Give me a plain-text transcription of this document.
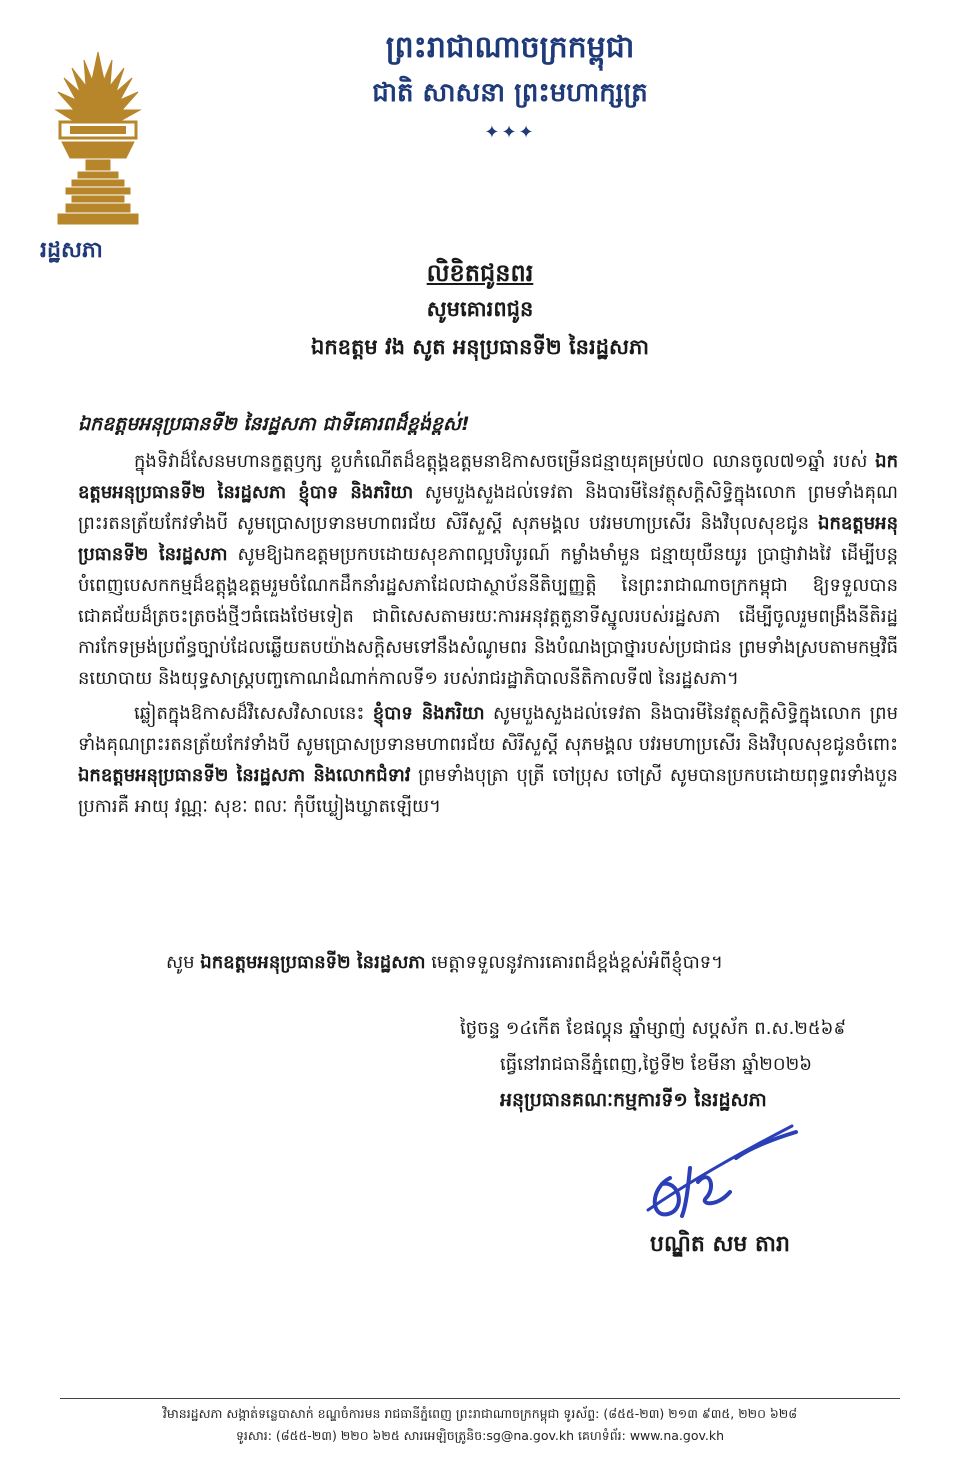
រដ្ឋសភា
ព្រះរាជាណាចក្រកម្ពុជា
ជាតិ សាសនា ព្រះមហាក្សត្រ
✦✦✦
លិខិតជូនពរ
សូមគោរពជូន
ឯកឧត្តម វង សូត អនុប្រធានទី២ នៃរដ្ឋសភា
ឯកឧត្តមអនុប្រធានទី២ នៃរដ្ឋសភា ជាទីគោរពដ៏ខ្ពង់ខ្ពស់!

ក្នុងទិវាដ៏សែនមហានក្ខត្តឫក្ស ខួបកំណើតដ៏ឧត្តុង្គឧត្តមនាឱកាសចម្រើនជន្មាយុគម្រប់៧០ ឈានចូល៧១ឆ្នាំ របស់ ឯកឧត្តមអនុប្រធានទី២ នៃរដ្ឋសភា ខ្ញុំបាទ និងភរិយា សូមបួងសួងដល់ទេវតា និងបារមីនៃវត្ថុសក្តិសិទ្ធិក្នុងលោក ព្រមទាំងគុណព្រះរតនត្រ័យកែវទាំងបី សូមប្រោសប្រទានមហាពរជ័យ សិរីសួស្តី សុភមង្គល បវរមហាប្រសើរ និងវិបុលសុខជូន ឯកឧត្តមអនុប្រធានទី២ នៃរដ្ឋសភា សូមឱ្យឯកឧត្តមប្រកបដោយសុខភាពល្អបរិបូរណ៍ កម្លាំងមាំមួន ជន្មាយុយឺនយូរ ប្រាជ្ញាវាងវៃ ដើម្បីបន្តបំពេញបេសកកម្មដ៏ឧត្តុង្គឧត្តមរួមចំណែកដឹកនាំរដ្ឋសភាដែលជាស្ថាប័ននីតិប្បញ្ញត្តិ នៃព្រះរាជាណាចក្រកម្ពុជា ឱ្យទទួលបានជោគជ័យដ៏ត្រចះត្រចង់ថ្មីៗធំធេងថែមទៀត ជាពិសេសតាមរយៈការអនុវត្តតួនាទីស្នូលរបស់រដ្ឋសភា ដើម្បីចូលរួមពង្រឹងនីតិរដ្ឋ ការកែទម្រង់ប្រព័ន្ធច្បាប់ដែលឆ្លើយតបយ៉ាងសក្តិសមទៅនឹងសំណូមពរ និងបំណងប្រាថ្នារបស់ប្រជាជន ព្រមទាំងស្របតាមកម្មវិធីនយោបាយ និងយុទ្ធសាស្ត្របញ្ចកោណដំណាក់កាលទី១ របស់រាជរដ្ឋាភិបាលនីតិកាលទី៧ នៃរដ្ឋសភា។

ឆ្លៀតក្នុងឱកាសដ៏វិសេសវិសាលនេះ ខ្ញុំបាទ និងភរិយា សូមបួងសួងដល់ទេវតា និងបារមីនៃវត្ថុសក្តិសិទ្ធិក្នុងលោក ព្រមទាំងគុណព្រះរតនត្រ័យកែវទាំងបី សូមប្រោសប្រទានមហាពរជ័យ សិរីសួស្តី សុភមង្គល បវរមហាប្រសើរ និងវិបុលសុខជូនចំពោះ ឯកឧត្តមអនុប្រធានទី២ នៃរដ្ឋសភា និងលោកជំទាវ ព្រមទាំងបុត្រា បុត្រី ចៅប្រុស ចៅស្រី សូមបានប្រកបដោយពុទ្ធពរទាំងបួនប្រការគឺ អាយុ វណ្ណៈ សុខៈ ពលៈ កុំបីឃ្លៀងឃ្លាតឡើយ។

សូម ឯកឧត្តមអនុប្រធានទី២ នៃរដ្ឋសភា មេត្តាទទួលនូវការគោរពដ៏ខ្ពង់ខ្ពស់អំពីខ្ញុំបាទ។
ថ្ងៃចន្ទ ១៤កើត ខែផល្គុន ឆ្នាំម្សាញ់ សប្តស័ក ព.ស.២៥៦៩
ធ្វើនៅរាជធានីភ្នំពេញ,ថ្ងៃទី២ ខែមីនា ឆ្នាំ២០២៦
អនុប្រធានគណៈកម្មការទី១ នៃរដ្ឋសភា
បណ្ឌិត សម តារា
វិមានរដ្ឋសភា សង្កាត់ទន្លេបាសាក់ ខណ្ឌចំការមន រាជធានីភ្នំពេញ ព្រះរាជាណាចក្រកម្ពុជា ទូរស័ព្ទ: (៨៥៥-២៣) ២១៣ ៩៣៥, ២២០ ៦២៨
ទូរសារ: (៨៥៥-២៣) ២២០ ៦២៥ សារអេឡិចត្រូនិច:sg@na.gov.kh គេហទំព័រ: www.na.gov.kh
